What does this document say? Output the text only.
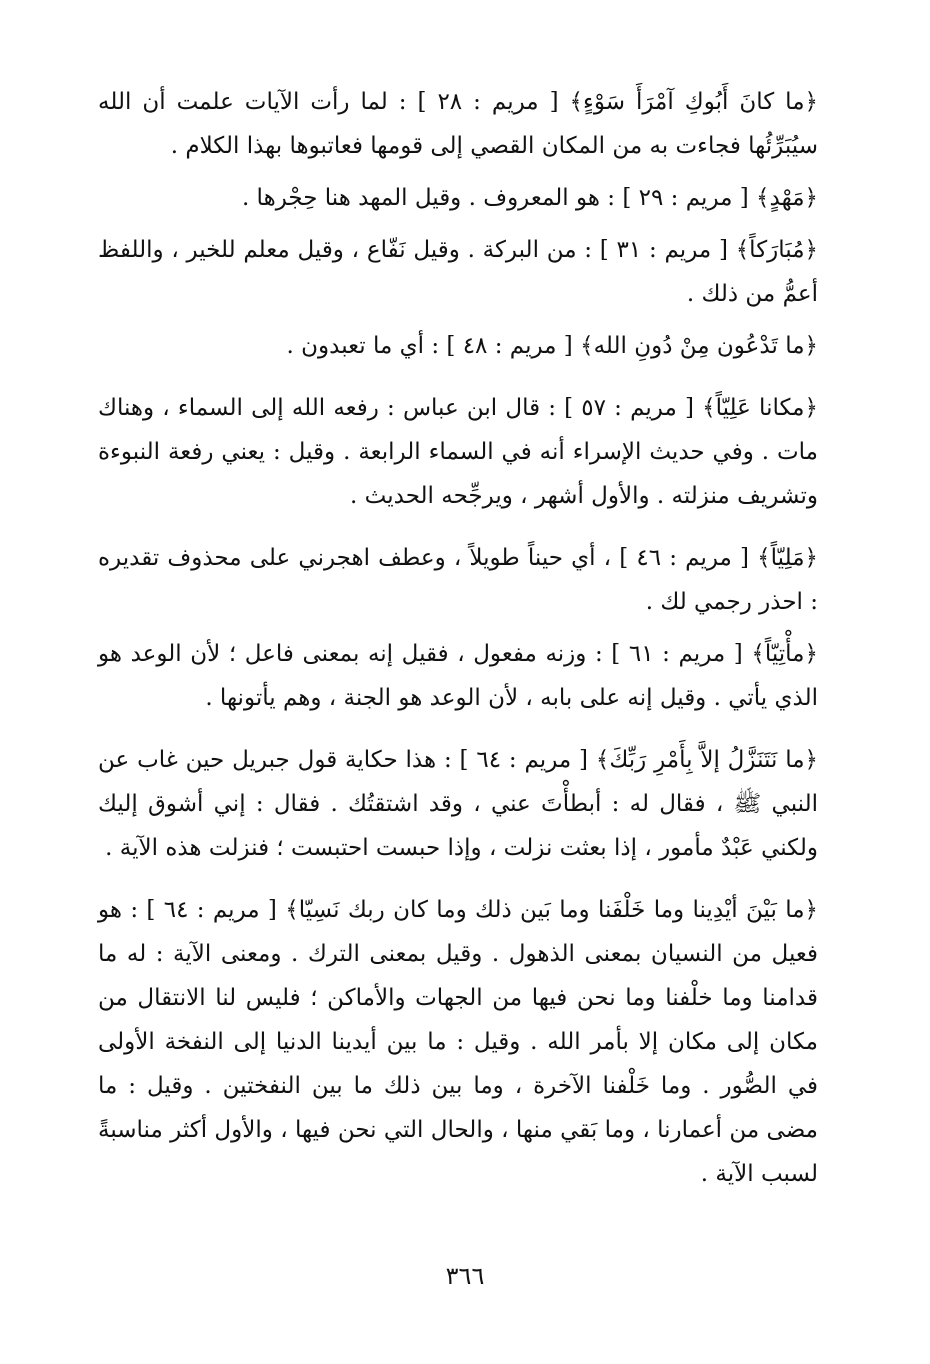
﴿ما كانَ أَبُوكِ آمْرَأَ سَوْءٍ﴾ [ مريم : ٢٨ ] : لما رأت الآيات علمت أن الله سيُبَرِّئُها فجاءت به من المكان القصي إلى قومها فعاتبوها بهذا الكلام .

﴿مَهْدٍ﴾ [ مريم : ٢٩ ] : هو المعروف . وقيل المهد هنا حِجْرها .

﴿مُبَارَكاً﴾ [ مريم : ٣١ ] : من البركة . وقيل نَفّاع ، وقيل معلم للخير ، واللفظ أعمُّ من ذلك .

﴿ما تَدْعُون مِنْ دُونِ الله﴾ [ مريم : ٤٨ ] : أي ما تعبدون .

﴿مكانا عَلِيّاً﴾ [ مريم : ٥٧ ] : قال ابن عباس : رفعه الله إلى السماء ، وهناك مات . وفي حديث الإسراء أنه في السماء الرابعة . وقيل : يعني رفعة النبوءة وتشريف منزلته . والأول أشهر ، ويرجِّحه الحديث .

﴿مَلِيّاً﴾ [ مريم : ٤٦ ] ، أي حيناً طويلاً ، وعطف اهجرني على محذوف تقديره : احذر رجمي لك .

﴿مأْتِيّاً﴾ [ مريم : ٦١ ] : وزنه مفعول ، فقيل إنه بمعنى فاعل ؛ لأن الوعد هو الذي يأتي . وقيل إنه على بابه ، لأن الوعد هو الجنة ، وهم يأتونها .

﴿ما نَتَنَزَّلُ إلاَّ بِأَمْرِ رَبِّكَ﴾ [ مريم : ٦٤ ] : هذا حكاية قول جبريل حين غاب عن النبي ﷺ ، فقال له : أبطأْتَ عني ، وقد اشتقتُك . فقال : إني أشوق إليك ولكني عَبْدٌ مأمور ، إذا بعثت نزلت ، وإذا حبست احتبست ؛ فنزلت هذه الآية .

﴿ما بَيْنَ أيْدِينا وما خَلْفَنا وما بَين ذلك وما كان ربك نَسِيّا﴾ [ مريم : ٦٤ ] : هو فعيل من النسيان بمعنى الذهول . وقيل بمعنى الترك . ومعنى الآية : له ما قدامنا وما خلْفنا وما نحن فيها من الجهات والأماكن ؛ فليس لنا الانتقال من مكان إلى مكان إلا بأمر الله . وقيل : ما بين أيدينا الدنيا إلى النفخة الأولى في الصُّور . وما خَلْفنا الآخرة ، وما بين ذلك ما بين النفختين . وقيل : ما مضى من أعمارنا ، وما بَقي منها ، والحال التي نحن فيها ، والأول أكثر مناسبةً لسبب الآية .

٣٦٦
